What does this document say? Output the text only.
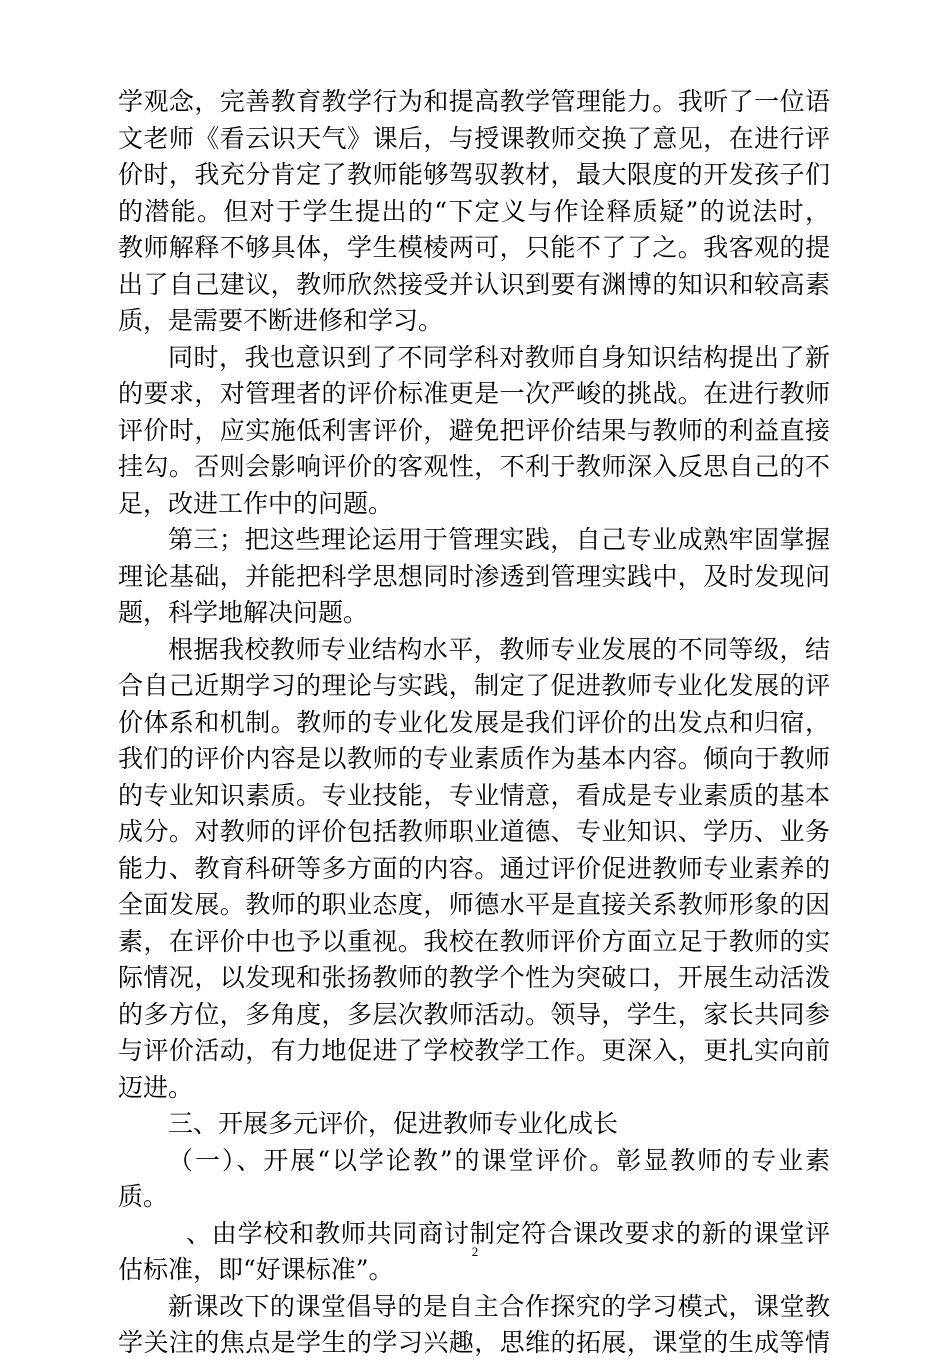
学观念，完善教育教学行为和提高教学管理能力。我听了一位语
文老师《看云识天气》课后，与授课教师交换了意见，在进行评
价时，我充分肯定了教师能够驾驭教材，最大限度的开发孩子们
的潜能。但对于学生提出的“下定义与作诠释质疑”的说法时，
教师解释不够具体，学生模棱两可，只能不了了之。我客观的提
出了自己建议，教师欣然接受并认识到要有渊博的知识和较高素
质，是需要不断进修和学习。
同时，我也意识到了不同学科对教师自身知识结构提出了新
的要求，对管理者的评价标准更是一次严峻的挑战。在进行教师
评价时，应实施低利害评价，避免把评价结果与教师的利益直接
挂勾。否则会影响评价的客观性，不利于教师深入反思自己的不
足，改进工作中的问题。
第三；把这些理论运用于管理实践，自己专业成熟牢固掌握
理论基础，并能把科学思想同时渗透到管理实践中，及时发现问
题，科学地解决问题。
根据我校教师专业结构水平，教师专业发展的不同等级，结
合自己近期学习的理论与实践，制定了促进教师专业化发展的评
价体系和机制。教师的专业化发展是我们评价的出发点和归宿，
我们的评价内容是以教师的专业素质作为基本内容。倾向于教师
的专业知识素质。专业技能，专业情意，看成是专业素质的基本
成分。对教师的评价包括教师职业道德、专业知识、学历、业务
能力、教育科研等多方面的内容。通过评价促进教师专业素养的
全面发展。教师的职业态度，师德水平是直接关系教师形象的因
素，在评价中也予以重视。我校在教师评价方面立足于教师的实
际情况，以发现和张扬教师的教学个性为突破口，开展生动活泼
的多方位，多角度，多层次教师活动。领导，学生，家长共同参
与评价活动，有力地促进了学校教学工作。更深入，更扎实向前
迈进。
三、开展多元评价，促进教师专业化成长
（一）、开展“以学论教”的课堂评价。彰显教师的专业素
质。
、由学校和教师共同商讨制定符合课改要求的新的课堂评
估标准，即“好课标准”。
新课改下的课堂倡导的是自主合作探究的学习模式，课堂教
学关注的焦点是学生的学习兴趣，思维的拓展，课堂的生成等情
2
